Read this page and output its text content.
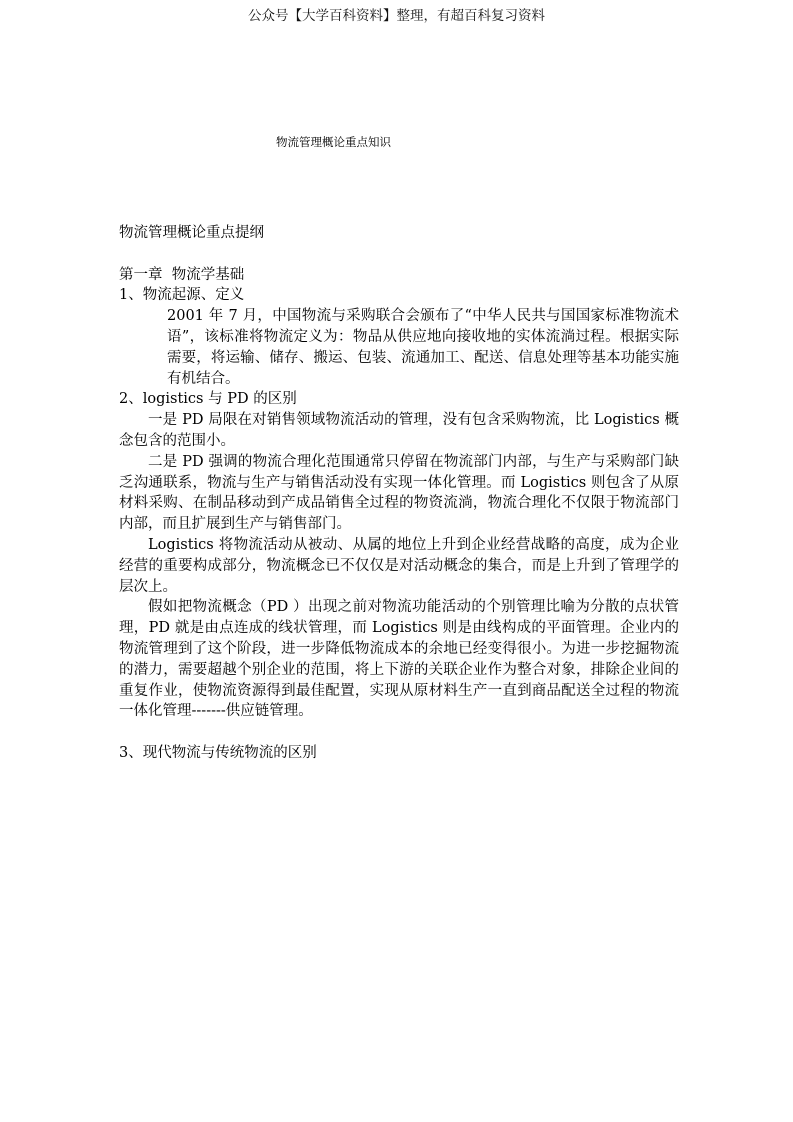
公众号【大学百科资料】整理，有超百科复习资料
物流管理概论重点知识

物流管理概论重点提纲

第一章  物流学基础

1、物流起源、定义

2001 年 7 月，中国物流与采购联合会颁布了“中华人民共与国国家标准物流术语”，该标准将物流定义为：物品从供应地向接收地的实体流淌过程。根据实际需要，将运输、储存、搬运、包装、流通加工、配送、信息处理等基本功能实施有机结合。

2、logistics 与 PD 的区别

一是 PD 局限在对销售领域物流活动的管理，没有包含采购物流，比 Logistics 概念包含的范围小。

二是 PD 强调的物流合理化范围通常只停留在物流部门内部，与生产与采购部门缺乏沟通联系，物流与生产与销售活动没有实现一体化管理。而 Logistics 则包含了从原材料采购、在制品移动到产成品销售全过程的物资流淌，物流合理化不仅限于物流部门内部，而且扩展到生产与销售部门。

Logistics 将物流活动从被动、从属的地位上升到企业经营战略的高度，成为企业经营的重要构成部分，物流概念已不仅仅是对活动概念的集合，而是上升到了管理学的层次上。

假如把物流概念（PD ）出现之前对物流功能活动的个别管理比喻为分散的点状管理，PD 就是由点连成的线状管理，而 Logistics 则是由线构成的平面管理。企业内的物流管理到了这个阶段，进一步降低物流成本的余地已经变得很小。为进一步挖掘物流的潜力，需要超越个别企业的范围，将上下游的关联企业作为整合对象，排除企业间的重复作业，使物流资源得到最佳配置，实现从原材料生产一直到商品配送全过程的物流一体化管理-------供应链管理。

3、现代物流与传统物流的区别
